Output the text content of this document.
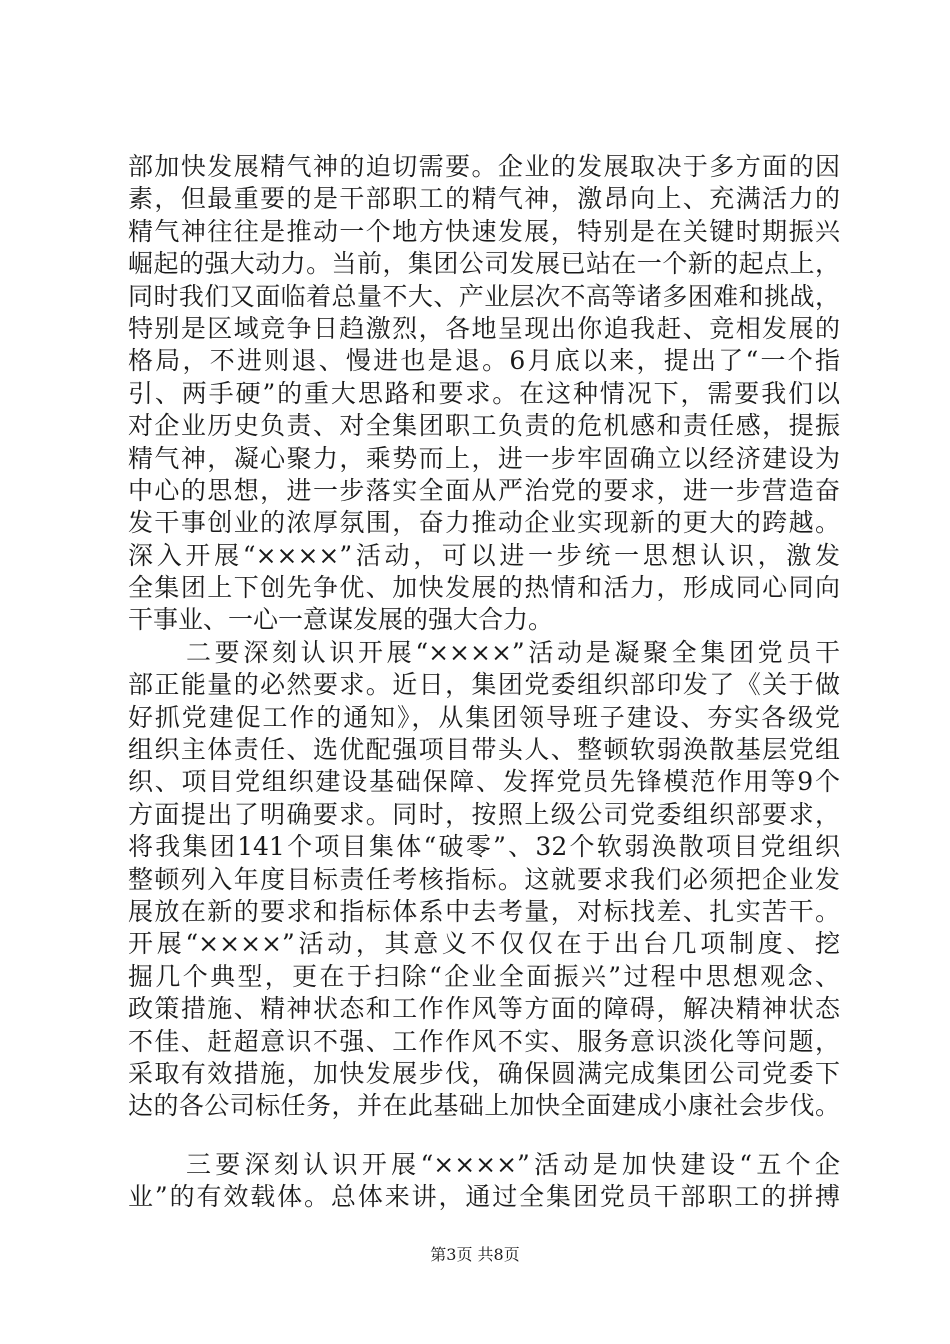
部加快发展精气神的迫切需要。企业的发展取决于多方面的因
素，但最重要的是干部职工的精气神，激昂向上、充满活力的
精气神往往是推动一个地方快速发展，特别是在关键时期振兴
崛起的强大动力。当前，集团公司发展已站在一个新的起点上，
同时我们又面临着总量不大、产业层次不高等诸多困难和挑战，
特别是区域竞争日趋激烈，各地呈现出你追我赶、竞相发展的
格局，不进则退、慢进也是退。6月底以来，提出了“一个指
引、两手硬”的重大思路和要求。在这种情况下，需要我们以
对企业历史负责、对全集团职工负责的危机感和责任感，提振
精气神，凝心聚力，乘势而上，进一步牢固确立以经济建设为
中心的思想，进一步落实全面从严治党的要求，进一步营造奋
发干事创业的浓厚氛围，奋力推动企业实现新的更大的跨越。
深入开展“××××”活动，可以进一步统一思想认识，激发
全集团上下创先争优、加快发展的热情和活力，形成同心同向
干事业、一心一意谋发展的强大合力。
二要深刻认识开展“××××”活动是凝聚全集团党员干
部正能量的必然要求。近日，集团党委组织部印发了《关于做
好抓党建促工作的通知》，从集团领导班子建设、夯实各级党
组织主体责任、选优配强项目带头人、整顿软弱涣散基层党组
织、项目党组织建设基础保障、发挥党员先锋模范作用等9个
方面提出了明确要求。同时，按照上级公司党委组织部要求，
将我集团141个项目集体“破零”、32个软弱涣散项目党组织
整顿列入年度目标责任考核指标。这就要求我们必须把企业发
展放在新的要求和指标体系中去考量，对标找差、扎实苦干。
开展“××××”活动，其意义不仅仅在于出台几项制度、挖
掘几个典型，更在于扫除“企业全面振兴”过程中思想观念、
政策措施、精神状态和工作作风等方面的障碍，解决精神状态
不佳、赶超意识不强、工作作风不实、服务意识淡化等问题，
采取有效措施，加快发展步伐，确保圆满完成集团公司党委下
达的各公司标任务，并在此基础上加快全面建成小康社会步伐。
三要深刻认识开展“××××”活动是加快建设“五个企
业”的有效载体。总体来讲，通过全集团党员干部职工的拼搏
第3页 共8页
